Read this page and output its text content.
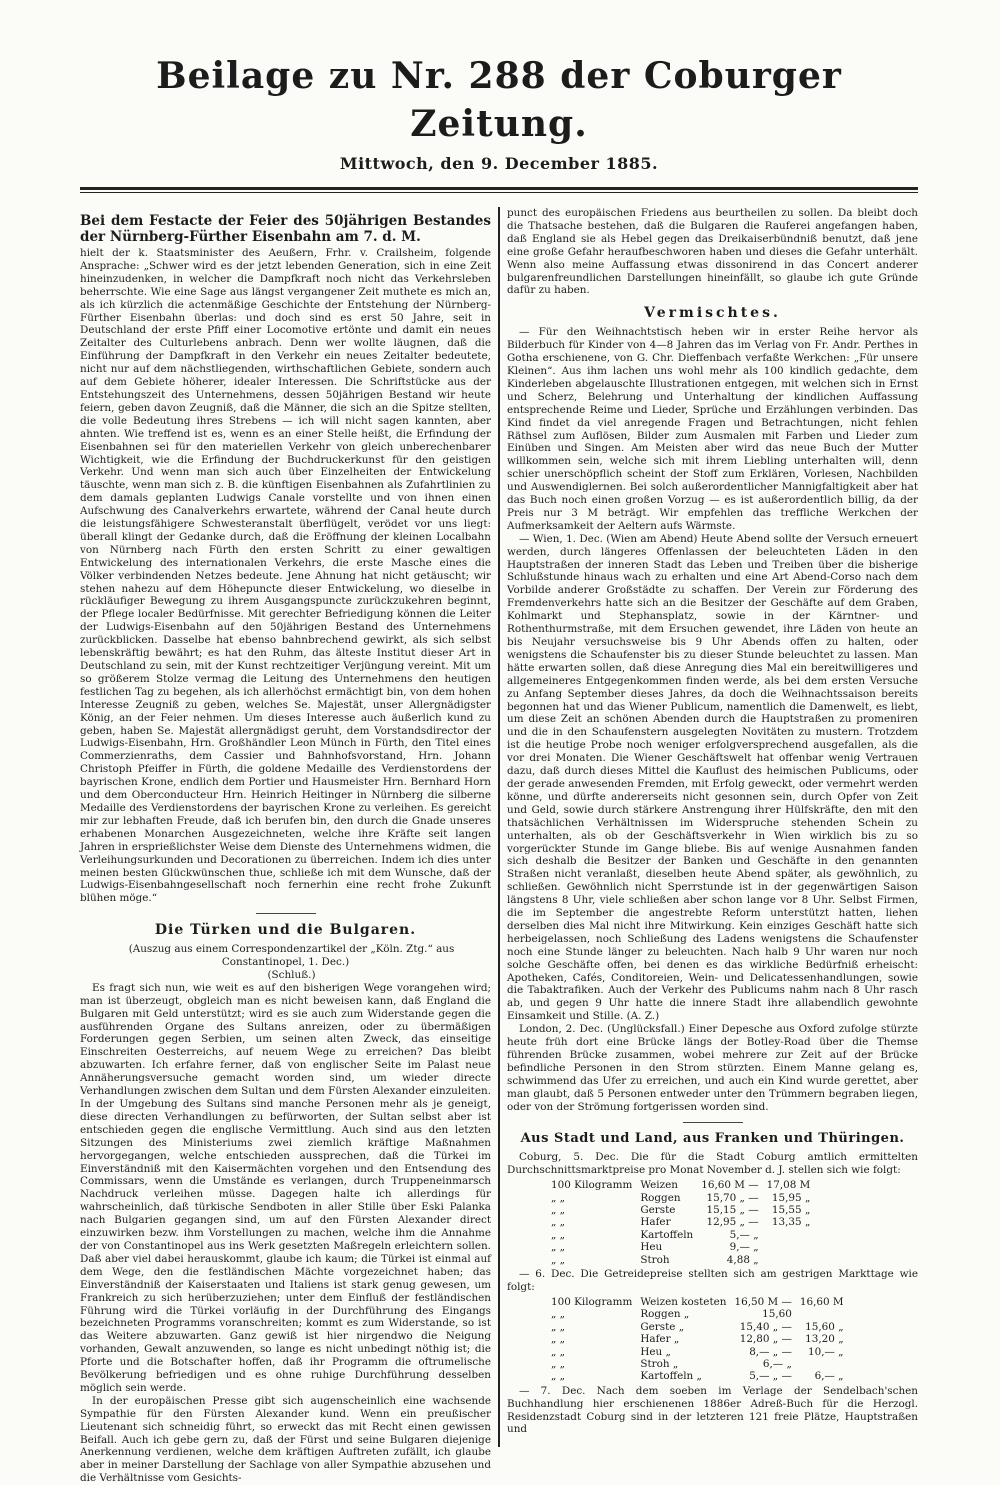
Beilage zu Nr. 288 der Coburger Zeitung.
Mittwoch, den 9. December 1885.
Bei dem Festacte der Feier des 50jährigen Bestandes der Nürnberg-Fürther Eisenbahn am 7. d. M.

hielt der k. Staatsminister des Aeußern, Frhr. v. Crailsheim, folgende Ansprache: „Schwer wird es der jetzt lebenden Generation, sich in eine Zeit hineinzudenken, in welcher die Dampfkraft noch nicht das Verkehrsleben beherrschte. Wie eine Sage aus längst vergangener Zeit muthete es mich an, als ich kürzlich die actenmäßige Geschichte der Entstehung der Nürnberg-Fürther Eisenbahn überlas: und doch sind es erst 50 Jahre, seit in Deutschland der erste Pfiff einer Locomotive ertönte und damit ein neues Zeitalter des Culturlebens anbrach. Denn wer wollte läugnen, daß die Einführung der Dampfkraft in den Verkehr ein neues Zeitalter bedeutete, nicht nur auf dem nächstliegenden, wirthschaftlichen Gebiete, sondern auch auf dem Gebiete höherer, idealer Interessen. Die Schriftstücke aus der Entstehungszeit des Unternehmens, dessen 50jährigen Bestand wir heute feiern, geben davon Zeugniß, daß die Männer, die sich an die Spitze stellten, die volle Bedeutung ihres Strebens — ich will nicht sagen kannten, aber ahnten. Wie treffend ist es, wenn es an einer Stelle heißt, die Erfindung der Eisenbahnen sei für den materiellen Verkehr von gleich unberechenbarer Wichtigkeit, wie die Erfindung der Buchdruckerkunst für den geistigen Verkehr. Und wenn man sich auch über Einzelheiten der Entwickelung täuschte, wenn man sich z. B. die künftigen Eisenbahnen als Zufahrtlinien zu dem damals geplanten Ludwigs Canale vorstellte und von ihnen einen Aufschwung des Canalverkehrs erwartete, während der Canal heute durch die leistungsfähigere Schwesteranstalt überflügelt, verödet vor uns liegt: überall klingt der Gedanke durch, daß die Eröffnung der kleinen Localbahn von Nürnberg nach Fürth den ersten Schritt zu einer gewaltigen Entwickelung des internationalen Verkehrs, die erste Masche eines die Völker verbindenden Netzes bedeute. Jene Ahnung hat nicht getäuscht; wir stehen nahezu auf dem Höhepuncte dieser Entwickelung, wo dieselbe in rückläufiger Bewegung zu ihrem Ausgangspuncte zurückzukehren beginnt, der Pflege localer Bedürfnisse. Mit gerechter Befriedigung können die Leiter der Ludwigs-Eisenbahn auf den 50jährigen Bestand des Unternehmens zurückblicken. Dasselbe hat ebenso bahnbrechend gewirkt, als sich selbst lebenskräftig bewährt; es hat den Ruhm, das älteste Institut dieser Art in Deutschland zu sein, mit der Kunst rechtzeitiger Verjüngung vereint. Mit um so größerem Stolze vermag die Leitung des Unternehmens den heutigen festlichen Tag zu begehen, als ich allerhöchst ermächtigt bin, von dem hohen Interesse Zeugniß zu geben, welches Se. Majestät, unser Allergnädigster König, an der Feier nehmen. Um dieses Interesse auch äußerlich kund zu geben, haben Se. Majestät allergnädigst geruht, dem Vorstandsdirector der Ludwigs-Eisenbahn, Hrn. Großhändler Leon Münch in Fürth, den Titel eines Commerzienraths, dem Cassier und Bahnhofsvorstand, Hrn. Johann Christoph Pfeiffer in Fürth, die goldene Medaille des Verdienstordens der bayrischen Krone, endlich dem Portier und Hausmeister Hrn. Bernhard Horn und dem Oberconducteur Hrn. Heinrich Heitinger in Nürnberg die silberne Medaille des Verdienstordens der bayrischen Krone zu verleihen. Es gereicht mir zur lebhaften Freude, daß ich berufen bin, den durch die Gnade unseres erhabenen Monarchen Ausgezeichneten, welche ihre Kräfte seit langen Jahren in ersprießlichster Weise dem Dienste des Unternehmens widmen, die Verleihungsurkunden und Decorationen zu überreichen. Indem ich dies unter meinen besten Glückwünschen thue, schließe ich mit dem Wunsche, daß der Ludwigs-Eisenbahngesellschaft noch fernerhin eine recht frohe Zukunft blühen möge.“

Die Türken und die Bulgaren.

(Auszug aus einem Correspondenzartikel der „Köln. Ztg.“ aus Constantinopel, 1. Dec.)

(Schluß.)

Es fragt sich nun, wie weit es auf den bisherigen Wege vorangehen wird; man ist überzeugt, obgleich man es nicht beweisen kann, daß England die Bulgaren mit Geld unterstützt; wird es sie auch zum Widerstande gegen die ausführenden Organe des Sultans anreizen, oder zu übermäßigen Forderungen gegen Serbien, um seinen alten Zweck, das einseitige Einschreiten Oesterreichs, auf neuem Wege zu erreichen? Das bleibt abzuwarten. Ich erfahre ferner, daß von englischer Seite im Palast neue Annäherungsversuche gemacht worden sind, um wieder directe Verhandlungen zwischen dem Sultan und dem Fürsten Alexander einzuleiten. In der Umgebung des Sultans sind manche Personen mehr als je geneigt, diese directen Verhandlungen zu befürworten, der Sultan selbst aber ist entschieden gegen die englische Vermittlung. Auch sind aus den letzten Sitzungen des Ministeriums zwei ziemlich kräftige Maßnahmen hervorgegangen, welche entschieden aussprechen, daß die Türkei im Einverständniß mit den Kaisermächten vorgehen und den Entsendung des Commissars, wenn die Umstände es verlangen, durch Truppeneinmarsch Nachdruck verleihen müsse. Dagegen halte ich allerdings für wahrscheinlich, daß türkische Sendboten in aller Stille über Eski Palanka nach Bulgarien gegangen sind, um auf den Fürsten Alexander direct einzuwirken bezw. ihm Vorstellungen zu machen, welche ihm die Annahme der von Constantinopel aus ins Werk gesetzten Maßregeln erleichtern sollen. Daß aber viel dabei herauskommt, glaube ich kaum; die Türkei ist einmal auf dem Wege, den die festländischen Mächte vorgezeichnet haben; das Einverständniß der Kaiserstaaten und Italiens ist stark genug gewesen, um Frankreich zu sich herüberzuziehen; unter dem Einfluß der festländischen Führung wird die Türkei vorläufig in der Durchführung des Eingangs bezeichneten Programms voranschreiten; kommt es zum Widerstande, so ist das Weitere abzuwarten. Ganz gewiß ist hier nirgendwo die Neigung vorhanden, Gewalt anzuwenden, so lange es nicht unbedingt nöthig ist; die Pforte und die Botschafter hoffen, daß ihr Programm die oftrumelische Bevölkerung befriedigen und es ohne ruhige Durchführung desselben möglich sein werde.

In der europäischen Presse gibt sich augenscheinlich eine wachsende Sympathie für den Fürsten Alexander kund. Wenn ein preußischer Lieutenant sich schneidig führt, so erweckt das mit Recht einen gewissen Beifall. Auch ich gebe gern zu, daß der Fürst und seine Bulgaren diejenige Anerkennung verdienen, welche dem kräftigen Auftreten zufällt, ich glaube aber in meiner Darstellung der Sachlage von aller Sympathie abzusehen und die Verhältnisse vom Gesichts-

punct des europäischen Friedens aus beurtheilen zu sollen. Da bleibt doch die Thatsache bestehen, daß die Bulgaren die Rauferei angefangen haben, daß England sie als Hebel gegen das Dreikaiserbündniß benutzt, daß jene eine große Gefahr heraufbeschworen haben und dieses die Gefahr unterhält. Wenn also meine Auffassung etwas dissonirend in das Concert anderer bulgarenfreundlichen Darstellungen hineinfällt, so glaube ich gute Gründe dafür zu haben.

Vermischtes.

— Für den Weihnachtstisch heben wir in erster Reihe hervor als Bilderbuch für Kinder von 4—8 Jahren das im Verlag von Fr. Andr. Perthes in Gotha erschienene, von G. Chr. Dieffenbach verfaßte Werkchen: „Für unsere Kleinen“. Aus ihm lachen uns wohl mehr als 100 kindlich gedachte, dem Kinderleben abgelauschte Illustrationen entgegen, mit welchen sich in Ernst und Scherz, Belehrung und Unterhaltung der kindlichen Auffassung entsprechende Reime und Lieder, Sprüche und Erzählungen verbinden. Das Kind findet da viel anregende Fragen und Betrachtungen, nicht fehlen Räthsel zum Auflösen, Bilder zum Ausmalen mit Farben und Lieder zum Einüben und Singen. Am Meisten aber wird das neue Buch der Mutter willkommen sein, welche sich mit ihrem Liebling unterhalten will, denn schier unerschöpflich scheint der Stoff zum Erklären, Vorlesen, Nachbilden und Auswendiglernen. Bei solch außerordentlicher Mannigfaltigkeit aber hat das Buch noch einen großen Vorzug — es ist außerordentlich billig, da der Preis nur 3 M beträgt. Wir empfehlen das treffliche Werkchen der Aufmerksamkeit der Aeltern aufs Wärmste.

— Wien, 1. Dec. (Wien am Abend) Heute Abend sollte der Versuch erneuert werden, durch längeres Offenlassen der beleuchteten Läden in den Hauptstraßen der inneren Stadt das Leben und Treiben über die bisherige Schlußstunde hinaus wach zu erhalten und eine Art Abend-Corso nach dem Vorbilde anderer Großstädte zu schaffen. Der Verein zur Förderung des Fremdenverkehrs hatte sich an die Besitzer der Geschäfte auf dem Graben, Kohlmarkt und Stephansplatz, sowie in der Kärntner- und Rothenthurmstraße, mit dem Ersuchen gewendet, ihre Läden von heute an bis Neujahr versuchsweise bis 9 Uhr Abends offen zu halten, oder wenigstens die Schaufenster bis zu dieser Stunde beleuchtet zu lassen. Man hätte erwarten sollen, daß diese Anregung dies Mal ein bereitwilligeres und allgemeineres Entgegenkommen finden werde, als bei dem ersten Versuche zu Anfang September dieses Jahres, da doch die Weihnachtssaison bereits begonnen hat und das Wiener Publicum, namentlich die Damenwelt, es liebt, um diese Zeit an schönen Abenden durch die Hauptstraßen zu promeniren und die in den Schaufenstern ausgelegten Novitäten zu mustern. Trotzdem ist die heutige Probe noch weniger erfolgversprechend ausgefallen, als die vor drei Monaten. Die Wiener Geschäftswelt hat offenbar wenig Vertrauen dazu, daß durch dieses Mittel die Kauflust des heimischen Publicums, oder der gerade anwesenden Fremden, mit Erfolg geweckt, oder vermehrt werden könne, und dürfte andererseits nicht gesonnen sein, durch Opfer von Zeit und Geld, sowie durch stärkere Anstrengung ihrer Hülfskräfte, den mit den thatsächlichen Verhältnissen im Widerspruche stehenden Schein zu unterhalten, als ob der Geschäftsverkehr in Wien wirklich bis zu so vorgerückter Stunde im Gange bliebe. Bis auf wenige Ausnahmen fanden sich deshalb die Besitzer der Banken und Geschäfte in den genannten Straßen nicht veranlaßt, dieselben heute Abend später, als gewöhnlich, zu schließen. Gewöhnlich nicht Sperrstunde ist in der gegenwärtigen Saison längstens 8 Uhr, viele schließen aber schon lange vor 8 Uhr. Selbst Firmen, die im September die angestrebte Reform unterstützt hatten, liehen derselben dies Mal nicht ihre Mitwirkung. Kein einziges Geschäft hatte sich herbeigelassen, noch Schließung des Ladens wenigstens die Schaufenster noch eine Stunde länger zu beleuchten. Nach halb 9 Uhr waren nur noch solche Geschäfte offen, bei denen es das wirkliche Bedürfniß erheischt: Apotheken, Cafés, Conditoreien, Wein- und Delicatessenhandlungen, sowie die Tabaktrafiken. Auch der Verkehr des Publicums nahm nach 8 Uhr rasch ab, und gegen 9 Uhr hatte die innere Stadt ihre allabendlich gewohnte Einsamkeit und Stille. (A. Z.)

London, 2. Dec. (Unglücksfall.) Einer Depesche aus Oxford zufolge stürzte heute früh dort eine Brücke längs der Botley-Road über die Themse führenden Brücke zusammen, wobei mehrere zur Zeit auf der Brücke befindliche Personen in den Strom stürzten. Einem Manne gelang es, schwimmend das Ufer zu erreichen, und auch ein Kind wurde gerettet, aber man glaubt, daß 5 Personen entweder unter den Trümmern begraben liegen, oder von der Strömung fortgerissen worden sind.

Aus Stadt und Land, aus Franken und Thüringen.

Coburg, 5. Dec. Die für die Stadt Coburg amtlich ermittelten Durchschnittsmarktpreise pro Monat November d. J. stellen sich wie folgt:

100 Kilogramm	Weizen	16,60 M —	17,08 M
„ „	Roggen	15,70 „ —	15,95 „
„ „	Gerste	15,15 „ —	15,55 „
„ „	Hafer	12,95 „ —	13,35 „
„ „	Kartoffeln	5,— „	
„ „	Heu	9,— „	
„ „	Stroh	4,88 „	

— 6. Dec. Die Getreidepreise stellten sich am gestrigen Markttage wie folgt:

100 Kilogramm	Weizen kosteten	16,50 M —	16,60 M
„ „	Roggen „	15,60	
„ „	Gerste „	15,40 „ —	15,60 „
„ „	Hafer „	12,80 „ —	13,20 „
„ „	Heu „	8,— „ —	10,— „
„ „	Stroh „	6,— „	
„ „	Kartoffeln „	5,— „ —	6,— „

— 7. Dec. Nach dem soeben im Verlage der Sendelbach'schen Buchhandlung hier erschienenen 1886er Adreß-Buch für die Herzogl. Residenzstadt Coburg sind in der letzteren 121 freie Plätze, Hauptstraßen und
